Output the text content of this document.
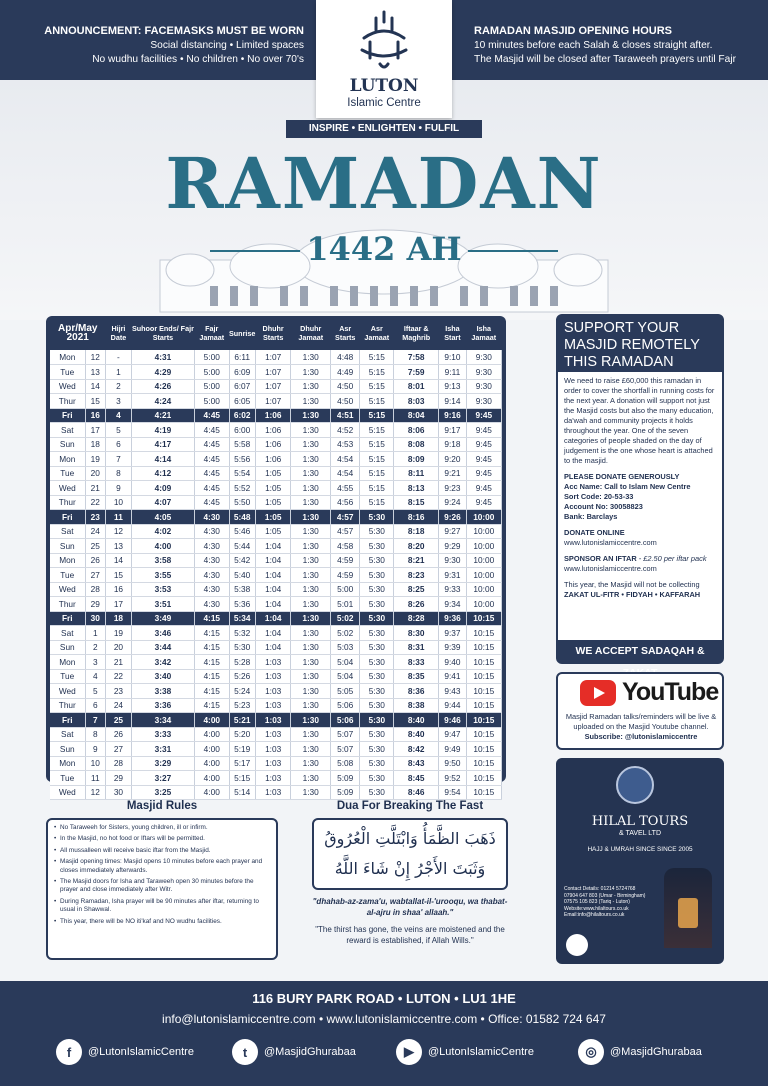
ANNOUNCEMENT: FACEMASKS MUST BE WORN
Social distancing • Limited spaces
No wudhu facilities • No children • No over 70's
RAMADAN MASJID OPENING HOURS
10 minutes before each Salah & closes straight after.
The Masjid will be closed after Taraweeh prayers until Fajr
LUTON
Islamic Centre
INSPIRE • ENLIGHTEN • FULFIL
RAMADAN
1442 AH
Apr/May 2021		Hijri Date	Suhoor Ends/ Fajr Starts	Fajr Jamaat	Sunrise	Dhuhr Starts	Dhuhr Jamaat	Asr Starts	Asr Jamaat	Iftaar & Maghrib	Isha Start	Isha Jamaat
Mon	12	-	4:31	5:00	6:11	1:07	1:30	4:48	5:15	7:58	9:10	9:30
Tue	13	1	4:29	5:00	6:09	1:07	1:30	4:49	5:15	7:59	9:11	9:30
Wed	14	2	4:26	5:00	6:07	1:07	1:30	4:50	5:15	8:01	9:13	9:30
Thur	15	3	4:24	5:00	6:05	1:07	1:30	4:50	5:15	8:03	9:14	9:30
Fri	16	4	4:21	4:45	6:02	1:06	1:30	4:51	5:15	8:04	9:16	9:45
Sat	17	5	4:19	4:45	6:00	1:06	1:30	4:52	5:15	8:06	9:17	9:45
Sun	18	6	4:17	4:45	5:58	1:06	1:30	4:53	5:15	8:08	9:18	9:45
Mon	19	7	4:14	4:45	5:56	1:06	1:30	4:54	5:15	8:09	9:20	9:45
Tue	20	8	4:12	4:45	5:54	1:05	1:30	4:54	5:15	8:11	9:21	9:45
Wed	21	9	4:09	4:45	5:52	1:05	1:30	4:55	5:15	8:13	9:23	9:45
Thur	22	10	4:07	4:45	5:50	1:05	1:30	4:56	5:15	8:15	9:24	9:45
Fri	23	11	4:05	4:30	5:48	1:05	1:30	4:57	5:30	8:16	9:26	10:00
Sat	24	12	4:02	4:30	5:46	1:05	1:30	4:57	5:30	8:18	9:27	10:00
Sun	25	13	4:00	4:30	5:44	1:04	1:30	4:58	5:30	8:20	9:29	10:00
Mon	26	14	3:58	4:30	5:42	1:04	1:30	4:59	5:30	8:21	9:30	10:00
Tue	27	15	3:55	4:30	5:40	1:04	1:30	4:59	5:30	8:23	9:31	10:00
Wed	28	16	3:53	4:30	5:38	1:04	1:30	5:00	5:30	8:25	9:33	10:00
Thur	29	17	3:51	4:30	5:36	1:04	1:30	5:01	5:30	8:26	9:34	10:00
Fri	30	18	3:49	4:15	5:34	1:04	1:30	5:02	5:30	8:28	9:36	10:15
Sat	1	19	3:46	4:15	5:32	1:04	1:30	5:02	5:30	8:30	9:37	10:15
Sun	2	20	3:44	4:15	5:30	1:04	1:30	5:03	5:30	8:31	9:39	10:15
Mon	3	21	3:42	4:15	5:28	1:03	1:30	5:04	5:30	8:33	9:40	10:15
Tue	4	22	3:40	4:15	5:26	1:03	1:30	5:04	5:30	8:35	9:41	10:15
Wed	5	23	3:38	4:15	5:24	1:03	1:30	5:05	5:30	8:36	9:43	10:15
Thur	6	24	3:36	4:15	5:23	1:03	1:30	5:06	5:30	8:38	9:44	10:15
Fri	7	25	3:34	4:00	5:21	1:03	1:30	5:06	5:30	8:40	9:46	10:15
Sat	8	26	3:33	4:00	5:20	1:03	1:30	5:07	5:30	8:40	9:47	10:15
Sun	9	27	3:31	4:00	5:19	1:03	1:30	5:07	5:30	8:42	9:49	10:15
Mon	10	28	3:29	4:00	5:17	1:03	1:30	5:08	5:30	8:43	9:50	10:15
Tue	11	29	3:27	4:00	5:15	1:03	1:30	5:09	5:30	8:45	9:52	10:15
Wed	12	30	3:25	4:00	5:14	1:03	1:30	5:09	5:30	8:46	9:54	10:15
SUPPORT YOUR
MASJID REMOTELY
THIS RAMADAN

We need to raise £60,000 this ramadan in order to cover the shortfall in running costs for the next year. A donation will support not just the Masjid costs but also the many education, da'wah and community projects it holds throughout the year. One of the seven categories of people shaded on the day of judgement is the one whose heart is attached to the masjid.

PLEASE DONATE GENEROUSLY
Acc Name: Call to Islam New Centre
Sort Code: 20-53-33
Account No: 30058823

Bank: Barclays

DONATE ONLINE

www.lutonislamiccentre.com

SPONSOR AN IFTAR - £2.50 per iftar pack

www.lutonislamiccentre.com

This year, the Masjid will not be collecting
ZAKAT UL-FITR • FIDYAH • KAFFARAH
WE ACCEPT SADAQAH &
YouTube
Masjid Ramadan talks/reminders will be live & uploaded on the Masjid Youtube channel.
Subscribe: @lutonislamiccentre
HILAL TOURS
& TAVEL LTD
HAJJ & UMRAH SINCE SINCE 2005
Contact Details: 01214 5724768
07904 647 803 (Umar - Birmingham)
07575 105 823 (Tariq - Luton)
Website:www.hilaltours.co.uk
Email:info@hilaltours.co.uk
Masjid Rules
• No Taraweeh for Sisters, young children, ill or infirm.
• In the Masjid, no hot food or Iftars will be permitted.
• All mussalleen will receive basic iftar from the Masjid.
• Masjid opening times: Masjid opens 10 minutes before each prayer and closes immediately afterwards.
• The Masjid doors for Isha and Taraweeh open 30 minutes before the prayer and close immediately after Witr.
• During Ramadan, Isha prayer will be 90 minutes after iftar, returning to usual in Shawwal.
• This year, there will be NO iti'kaf and NO wudhu facilities.
Dua For Breaking The Fast
ذَهَبَ الظَّمَأُ وَابْتَلَّتِ الْعُرُوقُ
وَثَبَتَ الأَجْرُ إِنْ شَاءَ اللَّهُ
"dhahab-az-zama'u, wabtallat-il-'urooqu, wa thabat-al-ajru in shaa' allaah."
"The thirst has gone, the veins are moistened and the reward is established, if Allah Wills."
116 BURY PARK ROAD • LUTON • LU1 1HE
info@lutonislamiccentre.com • www.lutonislamiccentre.com • Office: 01582 724 647
f	@LutonIslamicCentre	t	@MasjidGhurabaa	▶	@LutonIslamicCentre	◎	@MasjidGhurabaa
